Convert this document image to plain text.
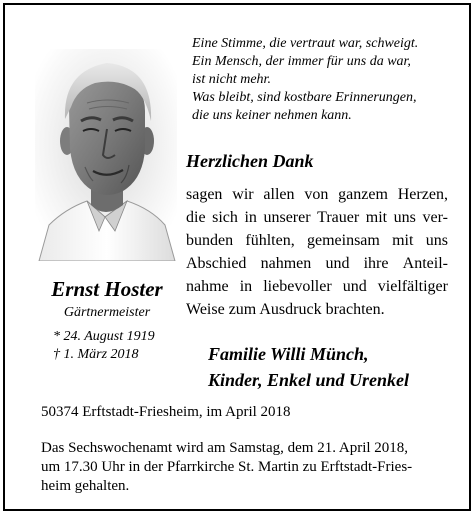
Eine Stimme, die vertraut war, schweigt.
Ein Mensch, der immer für uns da war,
ist nicht mehr.
Was bleibt, sind kostbare Erinnerungen,
die uns keiner nehmen kann.
Herzlichen Dank
sagen wir allen von ganzem Herzen,
die sich in unserer Trauer mit uns ver-
bunden fühlten, gemeinsam mit uns
Abschied nahmen und ihre Anteil-
nahme in liebevoller und vielfältiger
Weise zum Ausdruck brachten.
Ernst Hoster
Gärtnermeister
* 24. August 1919
† 1. März 2018	Familie Willi Münch,
Kinder, Enkel und Urenkel
50374 Erftstadt-Friesheim, im April 2018
Das Sechswochenamt wird am Samstag, dem 21. April 2018,
um 17.30 Uhr in der Pfarrkirche St. Martin zu Erftstadt-Fries-
heim gehalten.
